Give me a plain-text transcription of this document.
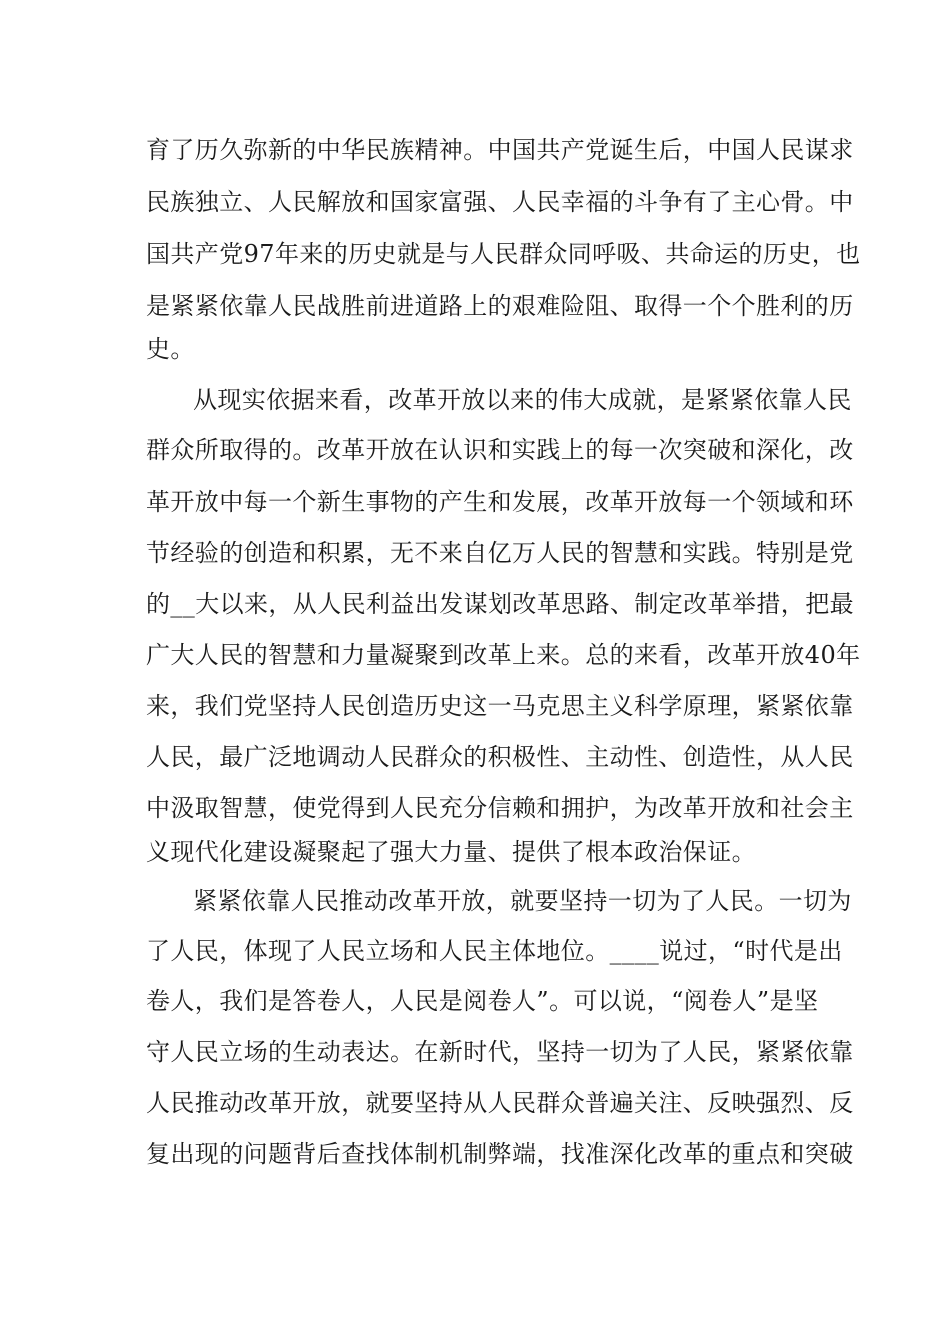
育了历久弥新的中华民族精神。中国共产党诞生后，中国人民谋求
民族独立、人民解放和国家富强、人民幸福的斗争有了主心骨。中
国共产党97年来的历史就是与人民群众同呼吸、共命运的历史，也
是紧紧依靠人民战胜前进道路上的艰难险阻、取得一个个胜利的历
史。
从现实依据来看，改革开放以来的伟大成就，是紧紧依靠人民
群众所取得的。改革开放在认识和实践上的每一次突破和深化，改
革开放中每一个新生事物的产生和发展，改革开放每一个领域和环
节经验的创造和积累，无不来自亿万人民的智慧和实践。特别是党
的__大以来，从人民利益出发谋划改革思路、制定改革举措，把最
广大人民的智慧和力量凝聚到改革上来。总的来看，改革开放40年
来，我们党坚持人民创造历史这一马克思主义科学原理，紧紧依靠
人民，最广泛地调动人民群众的积极性、主动性、创造性，从人民
中汲取智慧，使党得到人民充分信赖和拥护，为改革开放和社会主
义现代化建设凝聚起了强大力量、提供了根本政治保证。
紧紧依靠人民推动改革开放，就要坚持一切为了人民。一切为
了人民，体现了人民立场和人民主体地位。____说过，“时代是出
卷人，我们是答卷人，人民是阅卷人”。可以说，“阅卷人”是坚
守人民立场的生动表达。在新时代，坚持一切为了人民，紧紧依靠
人民推动改革开放，就要坚持从人民群众普遍关注、反映强烈、反
复出现的问题背后查找体制机制弊端，找准深化改革的重点和突破
